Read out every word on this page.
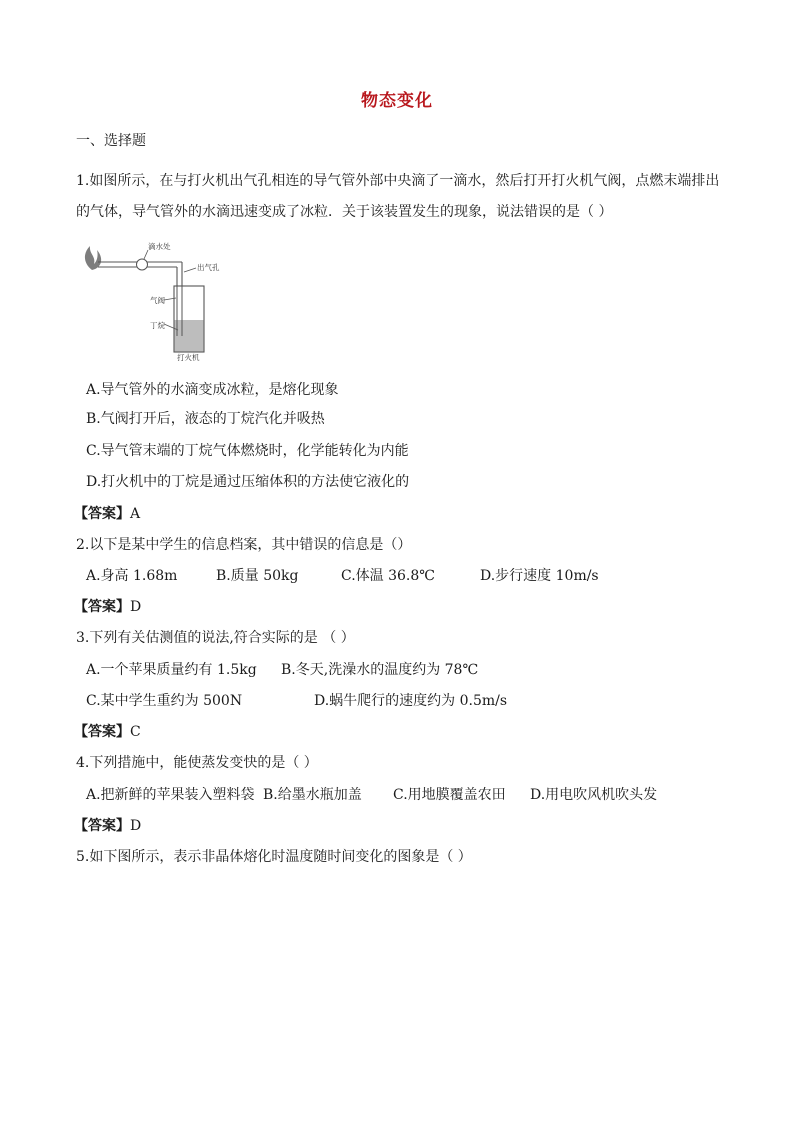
物态变化
一、选择题
1.如图所示，在与打火机出气孔相连的导气管外部中央滴了一滴水，然后打开打火机气阀，点燃末端排出
的气体，导气管外的水滴迅速变成了冰粒．关于该装置发生的现象，说法错误的是（ ）
滴水处
出气孔
气阀
丁烷
打火机
A.导气管外的水滴变成冰粒，是熔化现象
B.气阀打开后，液态的丁烷汽化并吸热
C.导气管末端的丁烷气体燃烧时，化学能转化为内能
D.打火机中的丁烷是通过压缩体积的方法使它液化的
【答案】A
2.以下是某中学生的信息档案，其中错误的信息是（）
A.身高 1.68m	B.质量 50kg	C.体温 36.8℃	D.步行速度 10m/s
【答案】D
3.下列有关估测值的说法,符合实际的是 （ ）
A.一个苹果质量约有 1.5kg B.冬天,洗澡水的温度约为 78℃
C.某中学生重约为 500N	D.蜗牛爬行的速度约为 0.5m/s
【答案】C
4.下列措施中，能使蒸发变快的是（ ）
A.把新鲜的苹果装入塑料袋 B.给墨水瓶加盖 C.用地膜覆盖农田 D.用电吹风机吹头发
【答案】D
5.如下图所示，表示非晶体熔化时温度随时间变化的图象是（ ）
